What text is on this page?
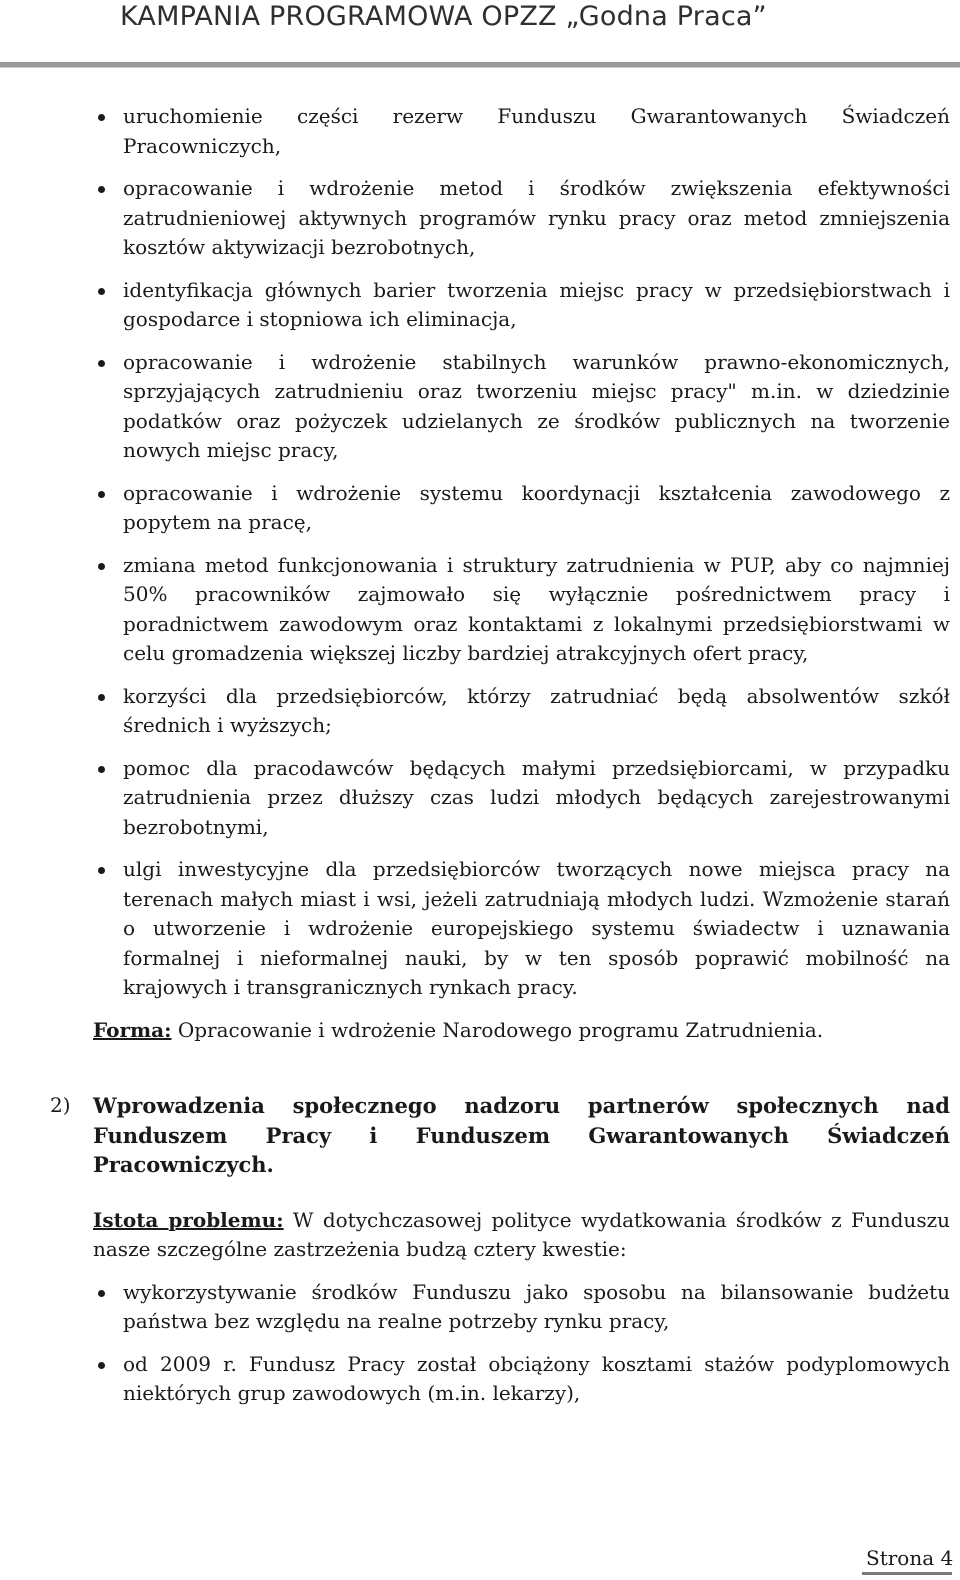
KAMPANIA PROGRAMOWA OPZZ „Godna Praca”
uruchomienie części rezerw Funduszu Gwarantowanych Świadczeń Pracowniczych,
opracowanie i wdrożenie metod i środków zwiększenia efektywności zatrudnieniowej aktywnych programów rynku pracy oraz metod zmniejszenia kosztów aktywizacji bezrobotnych,
identyfikacja głównych barier tworzenia miejsc pracy w przedsiębiorstwach i gospodarce i stopniowa ich eliminacja,
opracowanie i wdrożenie stabilnych warunków prawno-ekonomicznych, sprzyjających zatrudnieniu oraz tworzeniu miejsc pracy" m.in. w dziedzinie podatków oraz pożyczek udzielanych ze środków publicznych na tworzenie nowych miejsc pracy,
opracowanie i wdrożenie systemu koordynacji kształcenia zawodowego z popytem na pracę,
zmiana metod funkcjonowania i struktury zatrudnienia w PUP, aby co najmniej 50% pracowników zajmowało się wyłącznie pośrednictwem pracy i poradnictwem zawodowym oraz kontaktami z lokalnymi przedsiębiorstwami w celu gromadzenia większej liczby bardziej atrakcyjnych ofert pracy,
korzyści dla przedsiębiorców, którzy zatrudniać będą absolwentów szkół średnich i wyższych;
pomoc dla pracodawców będących małymi przedsiębiorcami, w przypadku zatrudnienia przez dłuższy czas ludzi młodych będących zarejestrowanymi bezrobotnymi,
ulgi inwestycyjne dla przedsiębiorców tworzących nowe miejsca pracy na terenach małych miast i wsi, jeżeli zatrudniają młodych ludzi. Wzmożenie starań o utworzenie i wdrożenie europejskiego systemu świadectw i uznawania formalnej i nieformalnej nauki, by w ten sposób poprawić mobilność na krajowych i transgranicznych rynkach pracy.
Forma: Opracowanie i wdrożenie Narodowego programu Zatrudnienia.
2) Wprowadzenia społecznego nadzoru partnerów społecznych nad Funduszem Pracy i Funduszem Gwarantowanych Świadczeń Pracowniczych.
Istota problemu: W dotychczasowej polityce wydatkowania środków z Funduszu nasze szczególne zastrzeżenia budzą cztery kwestie:
wykorzystywanie środków Funduszu jako sposobu na bilansowanie budżetu państwa bez względu na realne potrzeby rynku pracy,
od 2009 r. Fundusz Pracy został obciążony kosztami stażów podyplomowych niektórych grup zawodowych (m.in. lekarzy),
Strona 4
